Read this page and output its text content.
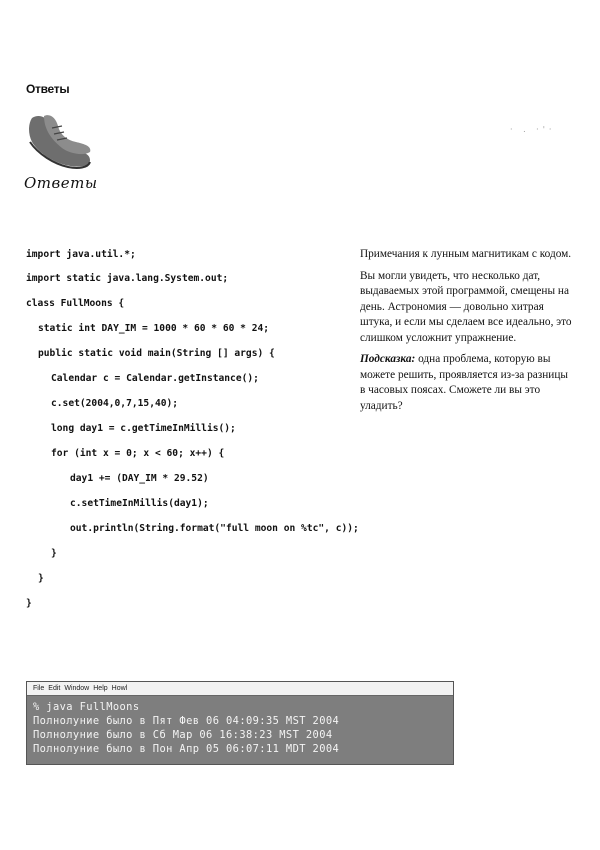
Ответы
Ответы
· . ·'·
import java.util.*;
import static java.lang.System.out;
class FullMoons {
static int DAY_IM = 1000 * 60 * 60 * 24;
public static void main(String [] args) {
Calendar c = Calendar.getInstance();
c.set(2004,0,7,15,40);
long day1 = c.getTimeInMillis();
for (int x = 0; x < 60; x++) {
day1 += (DAY_IM * 29.52)
c.setTimeInMillis(day1);
out.println(String.format("full moon on %tc", c));
}
}
}

Примечания к лунным магнитикам с кодом.

Вы могли увидеть, что несколько дат, выдаваемых этой программой, смещены на день. Астрономия — довольно хитрая штука, и если мы сделаем все идеально, это слишком усложнит упражнение.

Подсказка: одна проблема, которую вы можете решить, проявляется из-за разницы в часовых поясах. Сможете ли вы это уладить?

File Edit Window Help Howl
% java FullMoons
Полнолуние было в Пят Фев 06 04:09:35 MST 2004
Полнолуние было в Сб Мар 06 16:38:23 MST 2004
Полнолуние было в Пон Апр 05 06:07:11 MDT 2004
